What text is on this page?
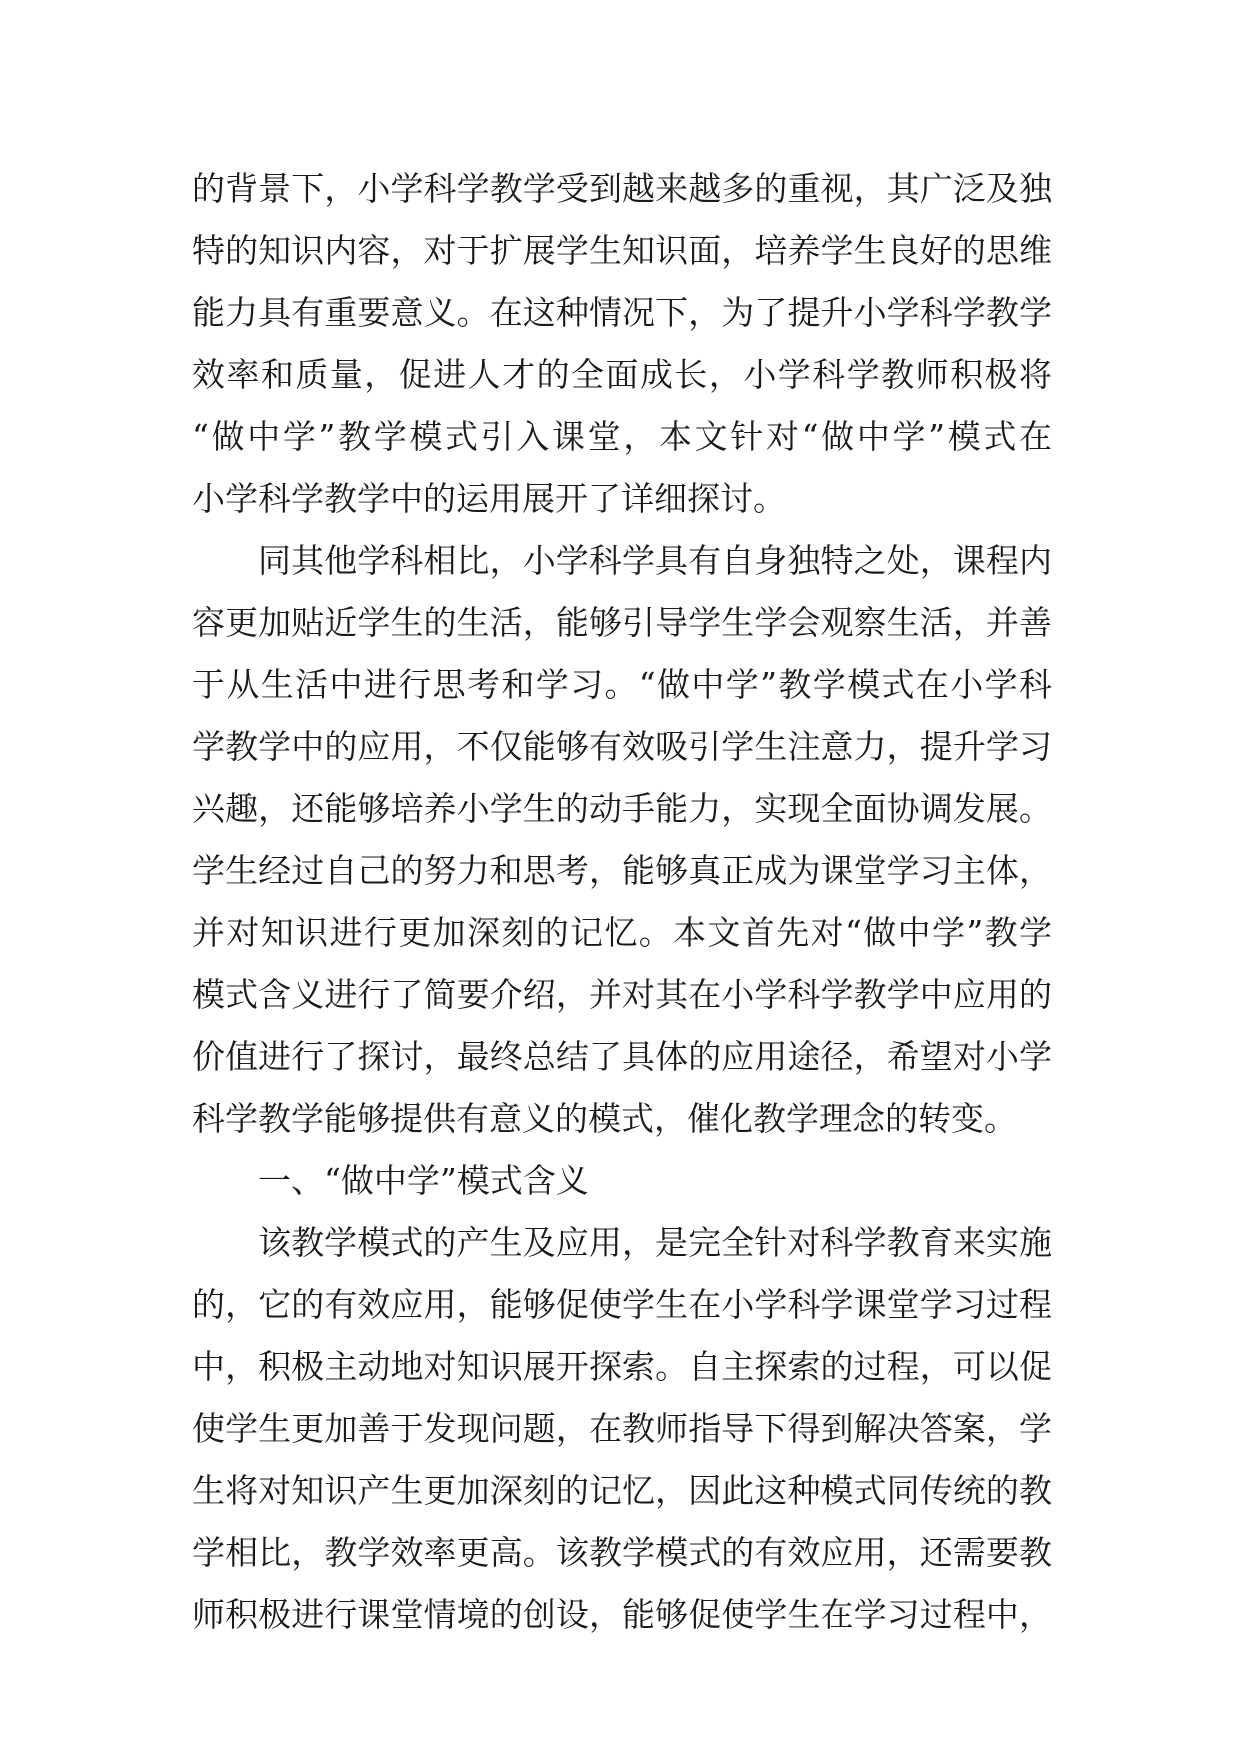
的背景下，小学科学教学受到越来越多的重视，其广泛及独
特的知识内容，对于扩展学生知识面，培养学生良好的思维
能力具有重要意义。在这种情况下，为了提升小学科学教学
效率和质量，促进人才的全面成长，小学科学教师积极将
“做中学”教学模式引入课堂，本文针对“做中学”模式在
小学科学教学中的运用展开了详细探讨。
同其他学科相比，小学科学具有自身独特之处，课程内
容更加贴近学生的生活，能够引导学生学会观察生活，并善
于从生活中进行思考和学习。“做中学”教学模式在小学科
学教学中的应用，不仅能够有效吸引学生注意力，提升学习
兴趣，还能够培养小学生的动手能力，实现全面协调发展。
学生经过自己的努力和思考，能够真正成为课堂学习主体，
并对知识进行更加深刻的记忆。本文首先对“做中学”教学
模式含义进行了简要介绍，并对其在小学科学教学中应用的
价值进行了探讨，最终总结了具体的应用途径，希望对小学
科学教学能够提供有意义的模式，催化教学理念的转变。
一、“做中学”模式含义
该教学模式的产生及应用，是完全针对科学教育来实施
的，它的有效应用，能够促使学生在小学科学课堂学习过程
中，积极主动地对知识展开探索。自主探索的过程，可以促
使学生更加善于发现问题，在教师指导下得到解决答案，学
生将对知识产生更加深刻的记忆，因此这种模式同传统的教
学相比，教学效率更高。该教学模式的有效应用，还需要教
师积极进行课堂情境的创设，能够促使学生在学习过程中，
